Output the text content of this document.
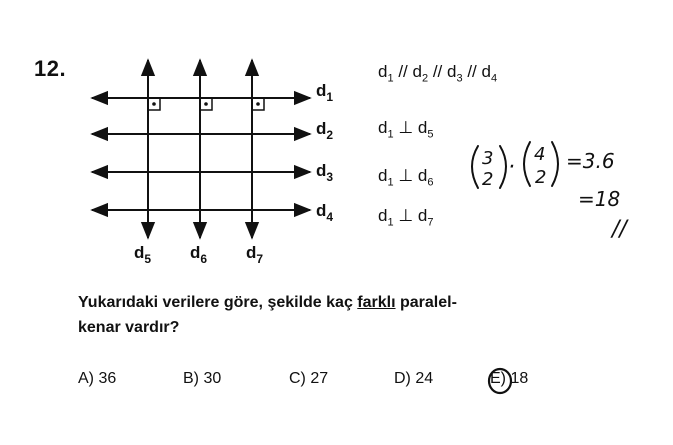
12.
$d_1$
$d_2$
$d_3$
$d_4$
$d_5$ $d_6$ $d_7$
$d_1 // d_2 // d_3 // d_4$
$d_1$ ⊥ $d_5$
$d_1$ ⊥ $d_6$
$d_1$ ⊥ $d_7$
3
2 ·
4
2
=3.6
=18
//
Yukarıdaki verilere göre, şekilde kaç farklı paralel-
kenar vardır?
A) 36	B) 30	C) 27	D) 24	E) 18
